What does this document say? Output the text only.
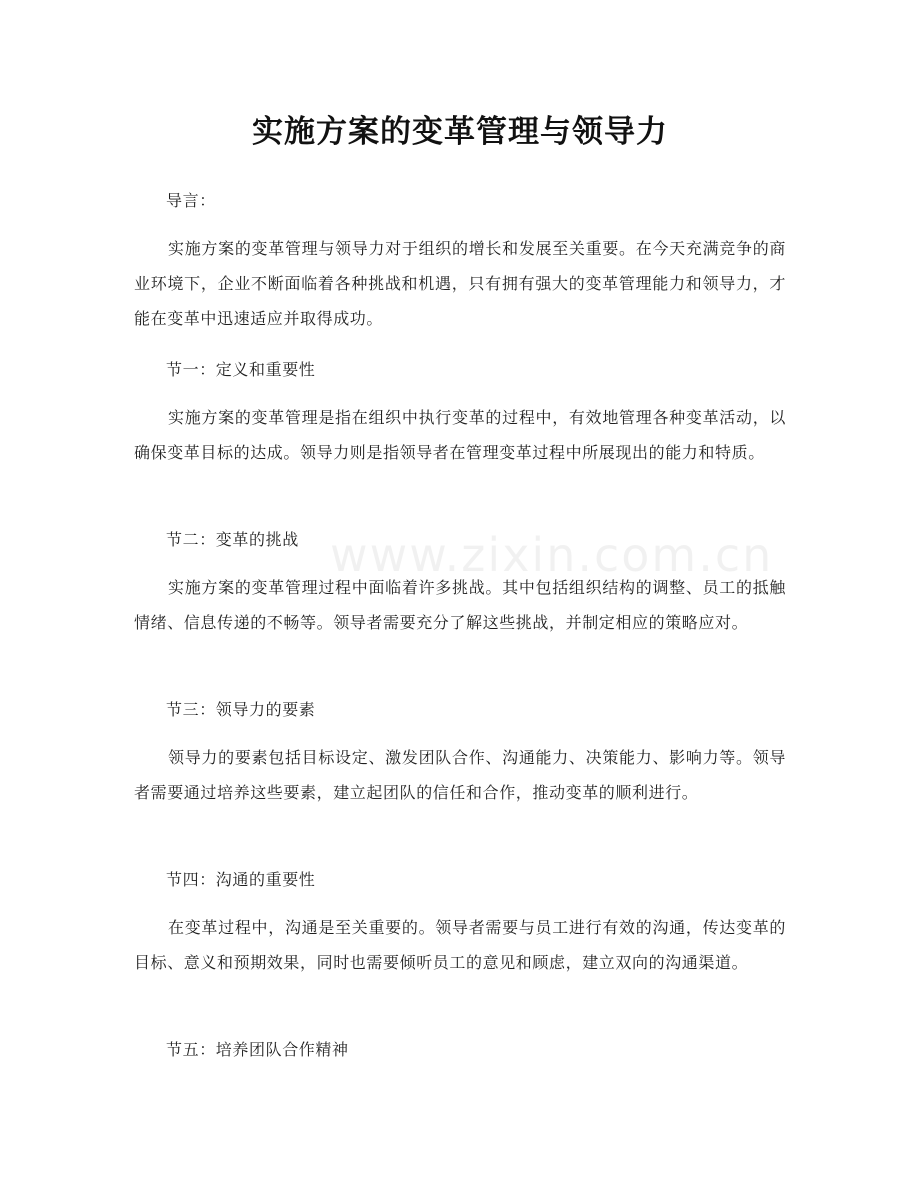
www.zixin.com.cn
实施方案的变革管理与领导力
导言：

实施方案的变革管理与领导力对于组织的增长和发展至关重要。在今天充满竞争的商业环境下，企业不断面临着各种挑战和机遇，只有拥有强大的变革管理能力和领导力，才能在变革中迅速适应并取得成功。

节一：定义和重要性

实施方案的变革管理是指在组织中执行变革的过程中，有效地管理各种变革活动，以确保变革目标的达成。领导力则是指领导者在管理变革过程中所展现出的能力和特质。

节二：变革的挑战

实施方案的变革管理过程中面临着许多挑战。其中包括组织结构的调整、员工的抵触情绪、信息传递的不畅等。领导者需要充分了解这些挑战，并制定相应的策略应对。

节三：领导力的要素

领导力的要素包括目标设定、激发团队合作、沟通能力、决策能力、影响力等。领导者需要通过培养这些要素，建立起团队的信任和合作，推动变革的顺利进行。

节四：沟通的重要性

在变革过程中，沟通是至关重要的。领导者需要与员工进行有效的沟通，传达变革的目标、意义和预期效果，同时也需要倾听员工的意见和顾虑，建立双向的沟通渠道。

节五：培养团队合作精神
